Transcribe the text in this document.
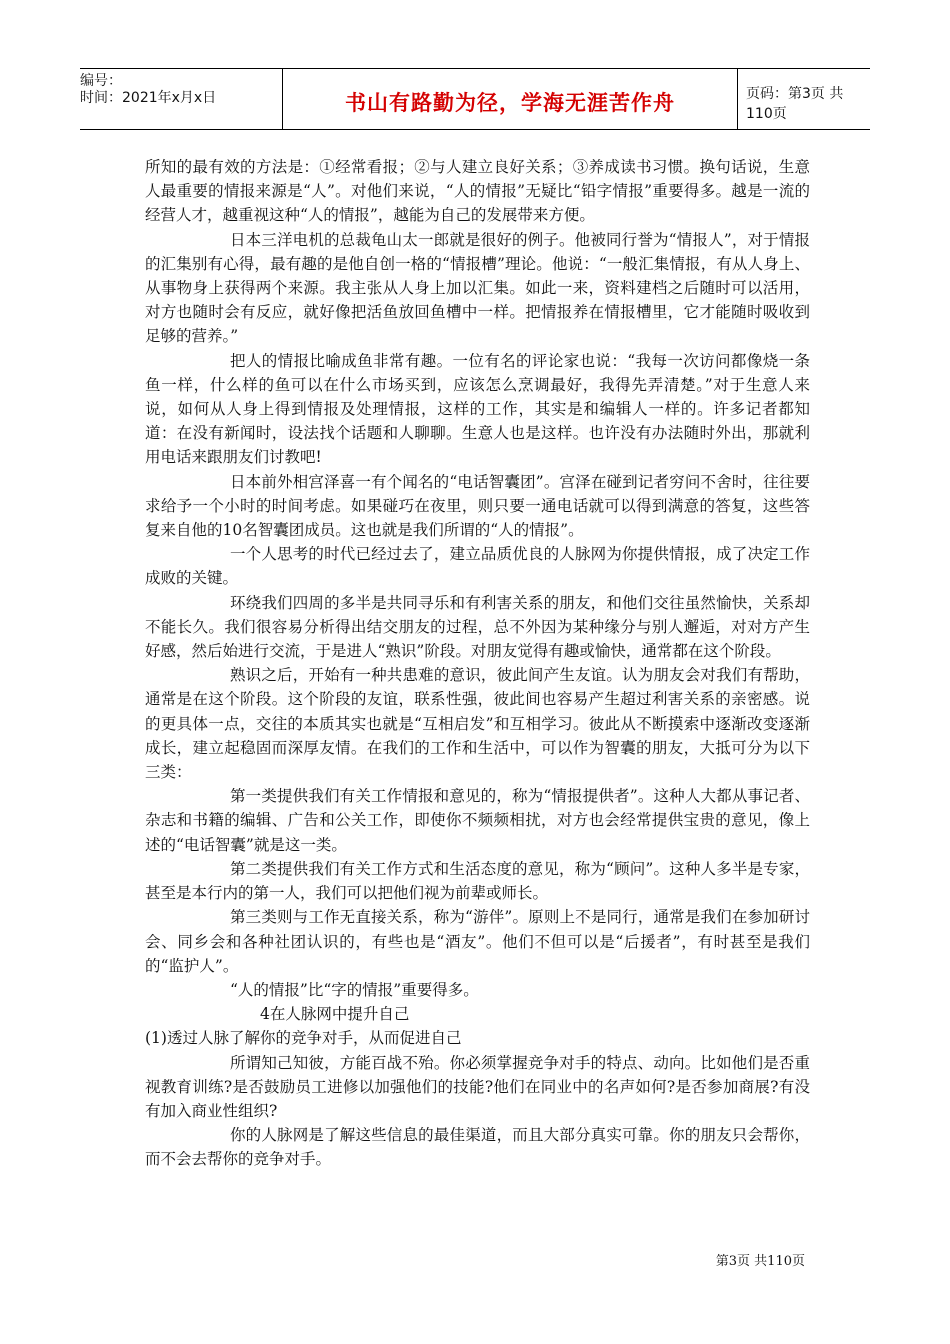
编号：
时间：2021年x月x日	书山有路勤为径，学海无涯苦作舟	页码：第3页 共110页

所知的最有效的方法是：①经常看报；②与人建立良好关系；③养成读书习惯。换句话说，生意人最重要的情报来源是“人”。对他们来说，“人的情报”无疑比“铅字情报”重要得多。越是一流的经营人才，越重视这种“人的情报”，越能为自己的发展带来方便。

日本三洋电机的总裁龟山太一郎就是很好的例子。他被同行誉为“情报人”，对于情报的汇集别有心得，最有趣的是他自创一格的“情报槽”理论。他说：“一般汇集情报，有从人身上、从事物身上获得两个来源。我主张从人身上加以汇集。如此一来，资料建档之后随时可以活用，对方也随时会有反应，就好像把活鱼放回鱼槽中一样。把情报养在情报槽里，它才能随时吸收到足够的营养。”

把人的情报比喻成鱼非常有趣。一位有名的评论家也说：“我每一次访问都像烧一条鱼一样，什么样的鱼可以在什么市场买到，应该怎么烹调最好，我得先弄清楚。”对于生意人来说，如何从人身上得到情报及处理情报，这样的工作，其实是和编辑人一样的。许多记者都知道：在没有新闻时，设法找个话题和人聊聊。生意人也是这样。也许没有办法随时外出，那就利用电话来跟朋友们讨教吧!

日本前外相宫泽喜一有个闻名的“电话智囊团”。宫泽在碰到记者穷问不舍时，往往要求给予一个小时的时间考虑。如果碰巧在夜里，则只要一通电话就可以得到满意的答复，这些答复来自他的10名智囊团成员。这也就是我们所谓的“人的情报”。

一个人思考的时代已经过去了，建立品质优良的人脉网为你提供情报，成了决定工作成败的关键。

环绕我们四周的多半是共同寻乐和有利害关系的朋友，和他们交往虽然愉快，关系却不能长久。我们很容易分析得出结交朋友的过程，总不外因为某种缘分与别人邂逅，对对方产生好感，然后始进行交流，于是进人“熟识”阶段。对朋友觉得有趣或愉快，通常都在这个阶段。

熟识之后，开始有一种共患难的意识，彼此间产生友谊。认为朋友会对我们有帮助，通常是在这个阶段。这个阶段的友谊，联系性强，彼此间也容易产生超过利害关系的亲密感。说的更具体一点，交往的本质其实也就是“互相启发”和互相学习。彼此从不断摸索中逐渐改变逐渐成长，建立起稳固而深厚友情。在我们的工作和生活中，可以作为智囊的朋友，大抵可分为以下三类：

第一类提供我们有关工作情报和意见的，称为“情报提供者”。这种人大都从事记者、杂志和书籍的编辑、广告和公关工作，即使你不频频相扰，对方也会经常提供宝贵的意见，像上述的“电话智囊”就是这一类。

第二类提供我们有关工作方式和生活态度的意见，称为“顾问”。这种人多半是专家，甚至是本行内的第一人，我们可以把他们视为前辈或师长。

第三类则与工作无直接关系，称为“游伴”。原则上不是同行，通常是我们在参加研讨会、同乡会和各种社团认识的，有些也是“酒友”。他们不但可以是“后援者”，有时甚至是我们的“监护人”。

“人的情报”比“字的情报”重要得多。

4在人脉网中提升自己

(1)透过人脉了解你的竞争对手，从而促进自己

所谓知己知彼，方能百战不殆。你必须掌握竞争对手的特点、动向。比如他们是否重视教育训练?是否鼓励员工进修以加强他们的技能?他们在同业中的名声如何?是否参加商展?有没有加入商业性组织?

你的人脉网是了解这些信息的最佳渠道，而且大部分真实可靠。你的朋友只会帮你，而不会去帮你的竞争对手。

第3页 共110页
